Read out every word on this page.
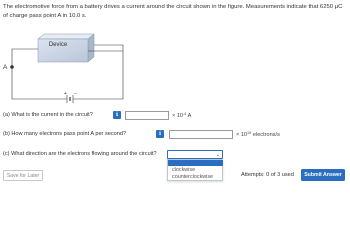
The electromotive force from a battery drives a current around the circuit shown in the figure. Measurements indicate that 6250 μC of charge pass point A in 10.0 s.
Device
+ −
A
(a) What is the current in the circuit?	i	× $10^{-4}$ A
(b) How many electrons pass point A per second?	i	× $10^{15}$ electrons/s
(c) What direction are the electrons flowing around the circuit?	⌄
clockwise
counterclockwise
Save for Later	Attempts: 0 of 3 used	Submit Answer
